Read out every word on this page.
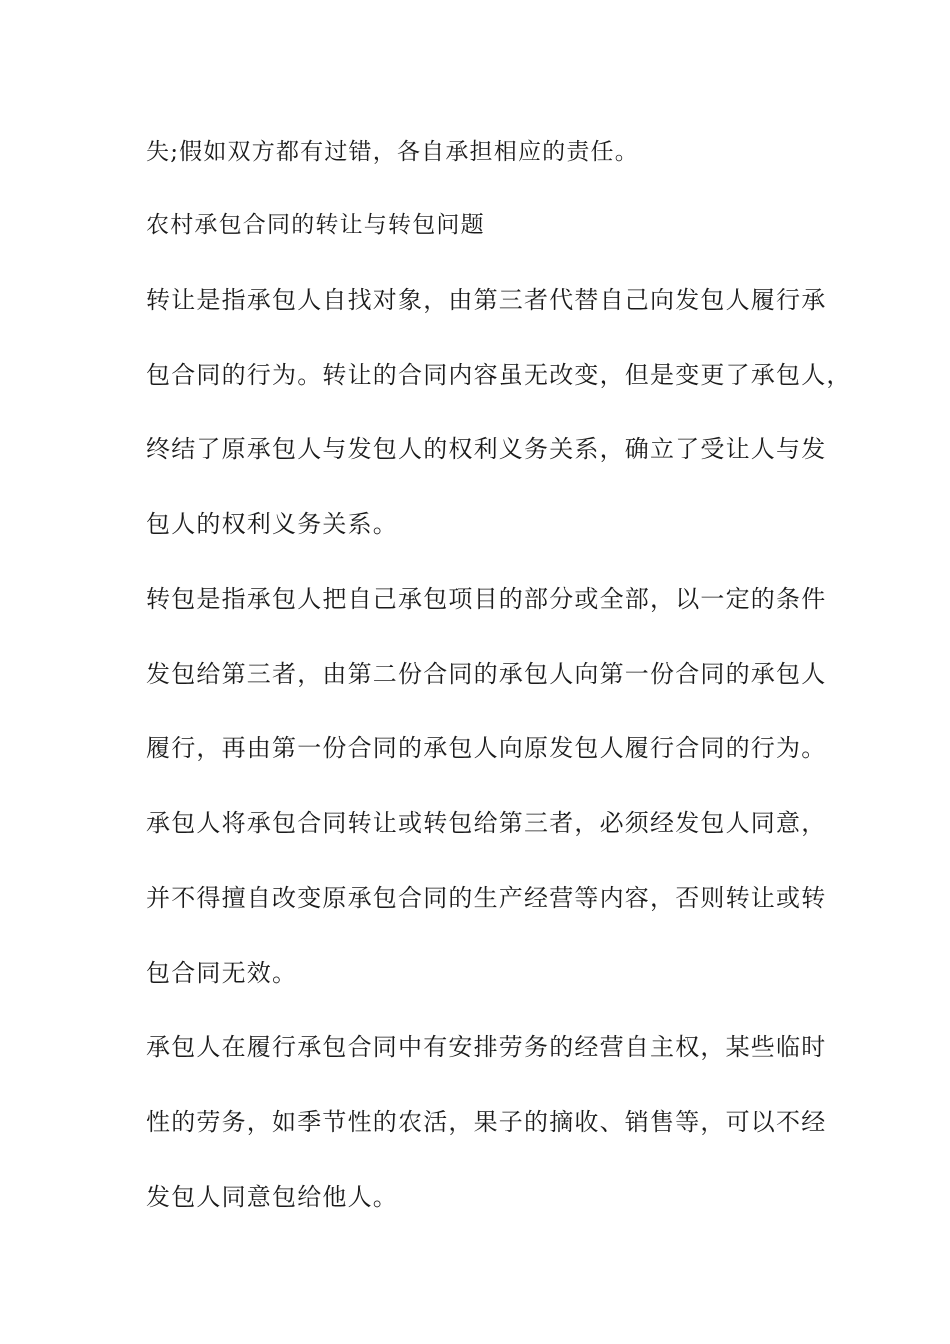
失;假如双方都有过错，各自承担相应的责任。
农村承包合同的转让与转包问题
转让是指承包人自找对象，由第三者代替自己向发包人履行承
包合同的行为。转让的合同内容虽无改变，但是变更了承包人，
终结了原承包人与发包人的权利义务关系，确立了受让人与发
包人的权利义务关系。
转包是指承包人把自己承包项目的部分或全部，以一定的条件
发包给第三者，由第二份合同的承包人向第一份合同的承包人
履行，再由第一份合同的承包人向原发包人履行合同的行为。
承包人将承包合同转让或转包给第三者，必须经发包人同意，
并不得擅自改变原承包合同的生产经营等内容，否则转让或转
包合同无效。
承包人在履行承包合同中有安排劳务的经营自主权，某些临时
性的劳务，如季节性的农活，果子的摘收、销售等，可以不经
发包人同意包给他人。
